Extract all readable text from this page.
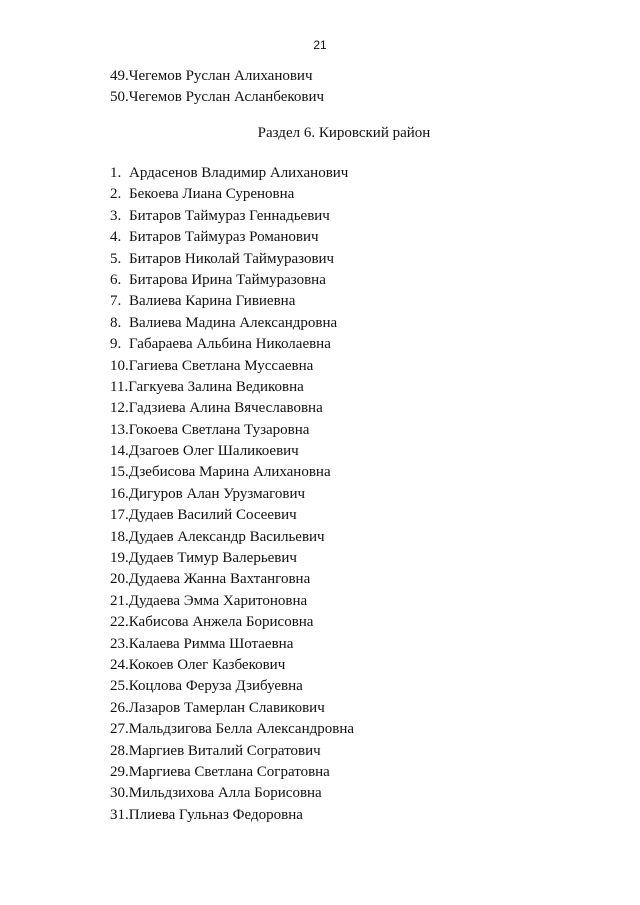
21
49.Чегемов Руслан Алиханович
50.Чегемов Руслан Асланбекович
Раздел 6. Кировский район
1. Ардасенов Владимир Алиханович
2. Бекоева Лиана Суреновна
3. Битаров Таймураз Геннадьевич
4. Битаров Таймураз Романович
5. Битаров Николай Таймуразович
6. Битарова Ирина Таймуразовна
7. Валиева Карина Гивиевна
8. Валиева Мадина Александровна
9. Габараева Альбина Николаевна
10.Гагиева Светлана Муссаевна
11.Гагкуева Залина Ведиковна
12.Гадзиева Алина Вячеславовна
13.Гокоева Светлана Тузаровна
14.Дзагоев Олег Шаликоевич
15.Дзебисова Марина Алихановна
16.Дигуров Алан Урузмагович
17.Дудаев Василий Сосеевич
18.Дудаев Александр Васильевич
19.Дудаев Тимур Валерьевич
20.Дудаева Жанна Вахтанговна
21.Дудаева Эмма Харитоновна
22.Кабисова Анжела Борисовна
23.Калаева Римма Шотаевна
24.Кокоев Олег Казбекович
25.Коцлова Феруза Дзибуевна
26.Лазаров Тамерлан Славикович
27.Мальдзигова Белла Александровна
28.Маргиев Виталий Согратович
29.Маргиева Светлана Согратовна
30.Мильдзихова Алла Борисовна
31.Плиева Гульназ Федоровна
